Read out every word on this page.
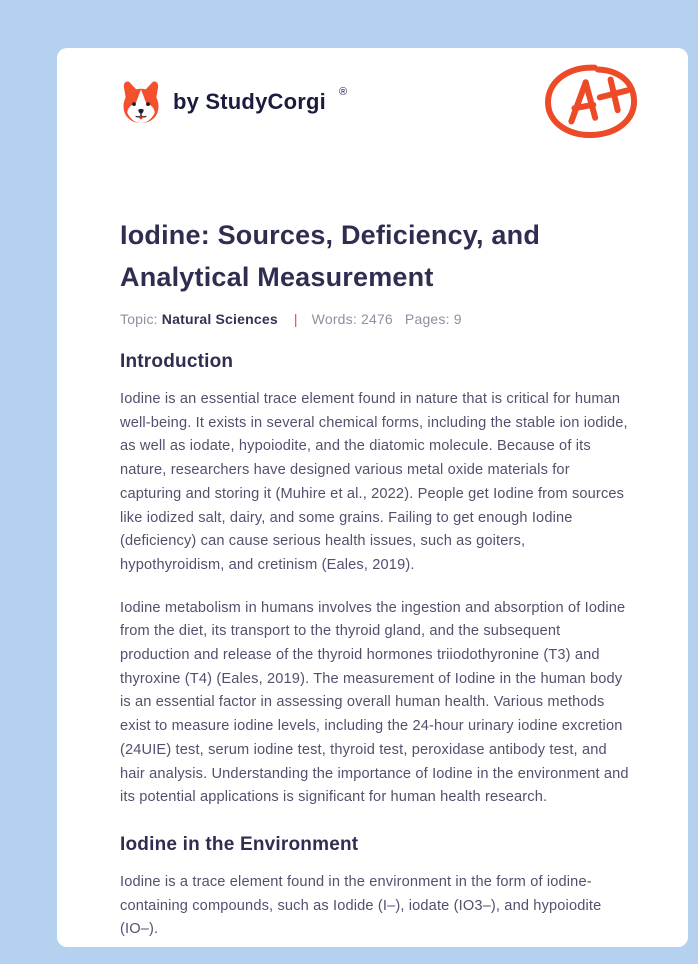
by StudyCorgi ®
Iodine: Sources, Deficiency, and Analytical Measurement
Topic: Natural Sciences | Words: 2476 Pages: 9
Introduction

Iodine is an essential trace element found in nature that is critical for human well-being. It exists in several chemical forms, including the stable ion iodide, as well as iodate, hypoiodite, and the diatomic molecule. Because of its nature, researchers have designed various metal oxide materials for capturing and storing it (Muhire et al., 2022). People get Iodine from sources like iodized salt, dairy, and some grains. Failing to get enough Iodine (deficiency) can cause serious health issues, such as goiters, hypothyroidism, and cretinism (Eales, 2019).

Iodine metabolism in humans involves the ingestion and absorption of Iodine from the diet, its transport to the thyroid gland, and the subsequent production and release of the thyroid hormones triiodothyronine (T3) and thyroxine (T4) (Eales, 2019). The measurement of Iodine in the human body is an essential factor in assessing overall human health. Various methods exist to measure iodine levels, including the 24-hour urinary iodine excretion (24UIE) test, serum iodine test, thyroid test, peroxidase antibody test, and hair analysis. Understanding the importance of Iodine in the environment and its potential applications is significant for human health research.

Iodine in the Environment

Iodine is a trace element found in the environment in the form of iodine-containing compounds, such as Iodide (I–), iodate (IO3–), and hypoiodite (IO–).
